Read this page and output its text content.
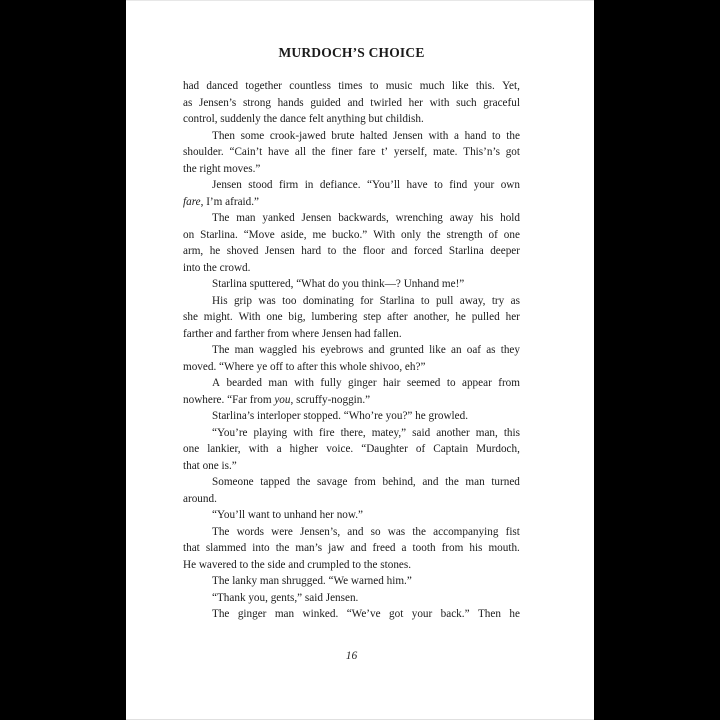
MURDOCH’S CHOICE
had danced together countless times to music much like this. Yet,
as Jensen’s strong hands guided and twirled her with such graceful
control, suddenly the dance felt anything but childish.
Then some crook-jawed brute halted Jensen with a hand to the
shoulder. “Cain’t have all the finer fare t’ yerself, mate. This’n’s got
the right moves.”
Jensen stood firm in defiance. “You’ll have to find your own
fare, I’m afraid.”
The man yanked Jensen backwards, wrenching away his hold
on Starlina. “Move aside, me bucko.” With only the strength of one
arm, he shoved Jensen hard to the floor and forced Starlina deeper
into the crowd.
Starlina sputtered, “What do you think—? Unhand me!”
His grip was too dominating for Starlina to pull away, try as
she might. With one big, lumbering step after another, he pulled her
farther and farther from where Jensen had fallen.
The man waggled his eyebrows and grunted like an oaf as they
moved. “Where ye off to after this whole shivoo, eh?”
A bearded man with fully ginger hair seemed to appear from
nowhere. “Far from you, scruffy-noggin.”
Starlina’s interloper stopped. “Who’re you?” he growled.
“You’re playing with fire there, matey,” said another man, this
one lankier, with a higher voice. “Daughter of Captain Murdoch,
that one is.”
Someone tapped the savage from behind, and the man turned
around.
“You’ll want to unhand her now.”
The words were Jensen’s, and so was the accompanying fist
that slammed into the man’s jaw and freed a tooth from his mouth.
He wavered to the side and crumpled to the stones.
The lanky man shrugged. “We warned him.”
“Thank you, gents,” said Jensen.
The ginger man winked. “We’ve got your back.” Then he
16
